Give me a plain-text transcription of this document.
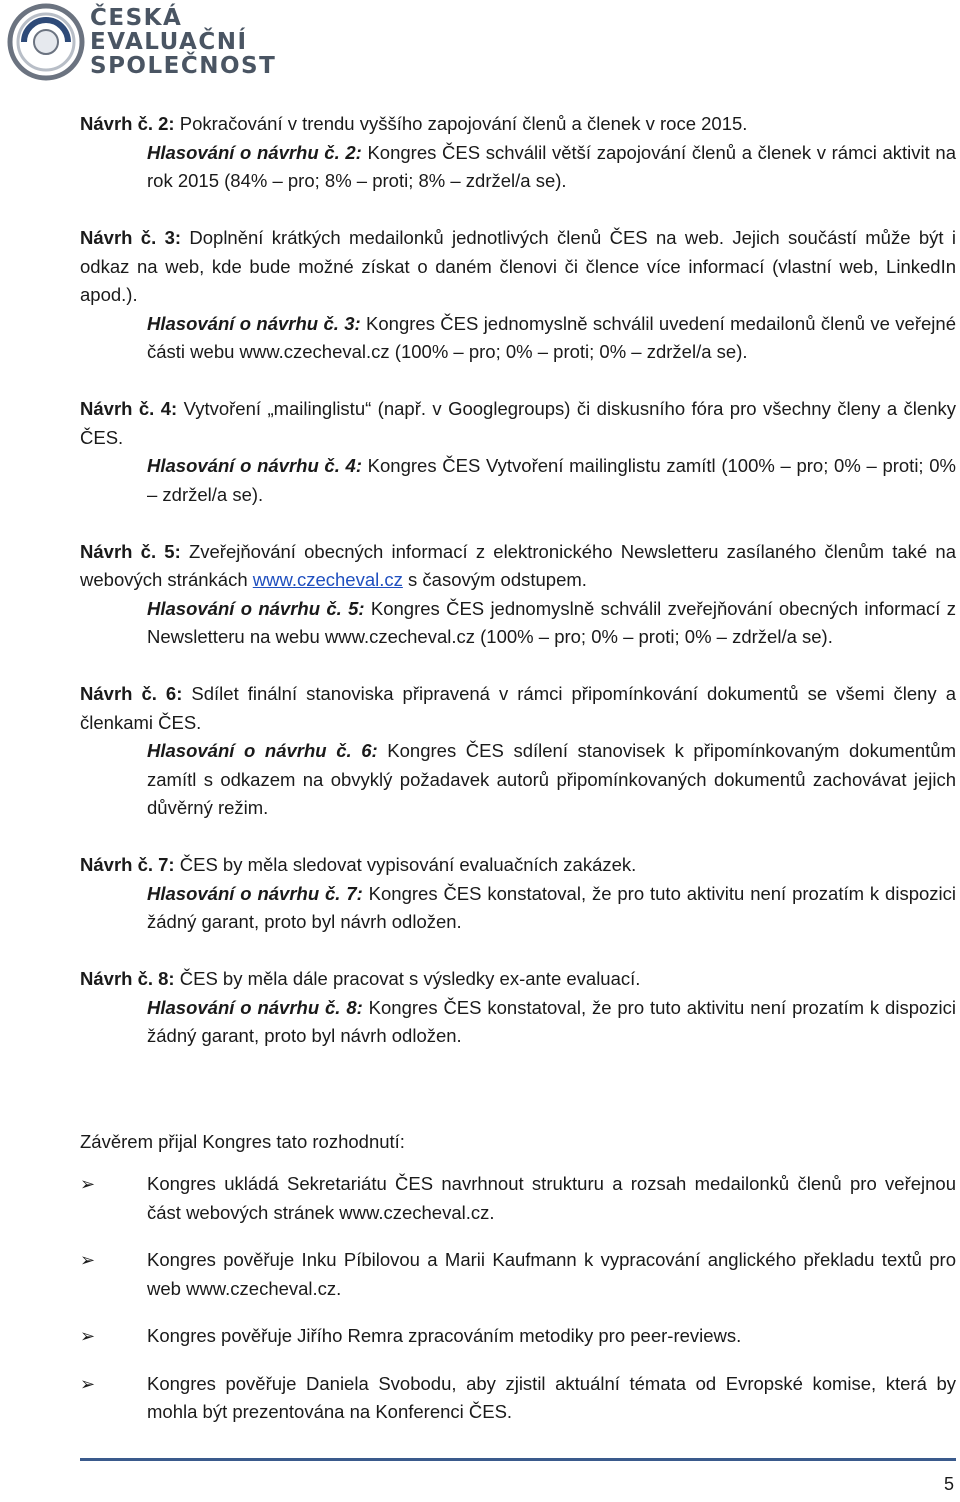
ČESKÁ
EVALUAČNÍ
SPOLEČNOST

Návrh č. 2: Pokračování v trendu vyššího zapojování členů a členek v roce 2015.

Hlasování o návrhu č. 2: Kongres ČES schválil větší zapojování členů a členek v rámci aktivit na rok 2015 (84% – pro; 8% – proti; 8% – zdržel/a se).

Návrh č. 3: Doplnění krátkých medailonků jednotlivých členů ČES na web. Jejich součástí může být i odkaz na web, kde bude možné získat o daném členovi či člence více informací (vlastní web, LinkedIn apod.).

Hlasování o návrhu č. 3: Kongres ČES jednomyslně schválil uvedení medailonů členů ve veřejné části webu www.czecheval.cz (100% – pro; 0% – proti; 0% – zdržel/a se).

Návrh č. 4: Vytvoření „mailinglistu“ (např. v Googlegroups) či diskusního fóra pro všechny členy a členky ČES.

Hlasování o návrhu č. 4: Kongres ČES Vytvoření mailinglistu zamítl (100% – pro; 0% – proti; 0% – zdržel/a se).

Návrh č. 5: Zveřejňování obecných informací z elektronického Newsletteru zasílaného členům také na webových stránkách www.czecheval.cz s časovým odstupem.

Hlasování o návrhu č. 5: Kongres ČES jednomyslně schválil zveřejňování obecných informací z Newsletteru na webu www.czecheval.cz (100% – pro; 0% – proti; 0% – zdržel/a se).

Návrh č. 6: Sdílet finální stanoviska připravená v rámci připomínkování dokumentů se všemi členy a členkami ČES.

Hlasování o návrhu č. 6: Kongres ČES sdílení stanovisek k připomínkovaným dokumentům zamítl s odkazem na obvyklý požadavek autorů připomínkovaných dokumentů zachovávat jejich důvěrný režim.

Návrh č. 7: ČES by měla sledovat vypisování evaluačních zakázek.

Hlasování o návrhu č. 7: Kongres ČES konstatoval, že pro tuto aktivitu není prozatím k dispozici žádný garant, proto byl návrh odložen.

Návrh č. 8: ČES by měla dále pracovat s výsledky ex-ante evaluací.

Hlasování o návrhu č. 8: Kongres ČES konstatoval, že pro tuto aktivitu není prozatím k dispozici žádný garant, proto byl návrh odložen.

Závěrem přijal Kongres tato rozhodnutí:

➢	Kongres ukládá Sekretariátu ČES navrhnout strukturu a rozsah medailonků členů pro veřejnou část webových stránek www.czecheval.cz.
➢	Kongres pověřuje Inku Píbilovou a Marii Kaufmann k vypracování anglického překladu textů pro web www.czecheval.cz.
➢	Kongres pověřuje Jiřího Remra zpracováním metodiky pro peer-reviews.
➢	Kongres pověřuje Daniela Svobodu, aby zjistil aktuální témata od Evropské komise, která by mohla být prezentována na Konferenci ČES.
5
